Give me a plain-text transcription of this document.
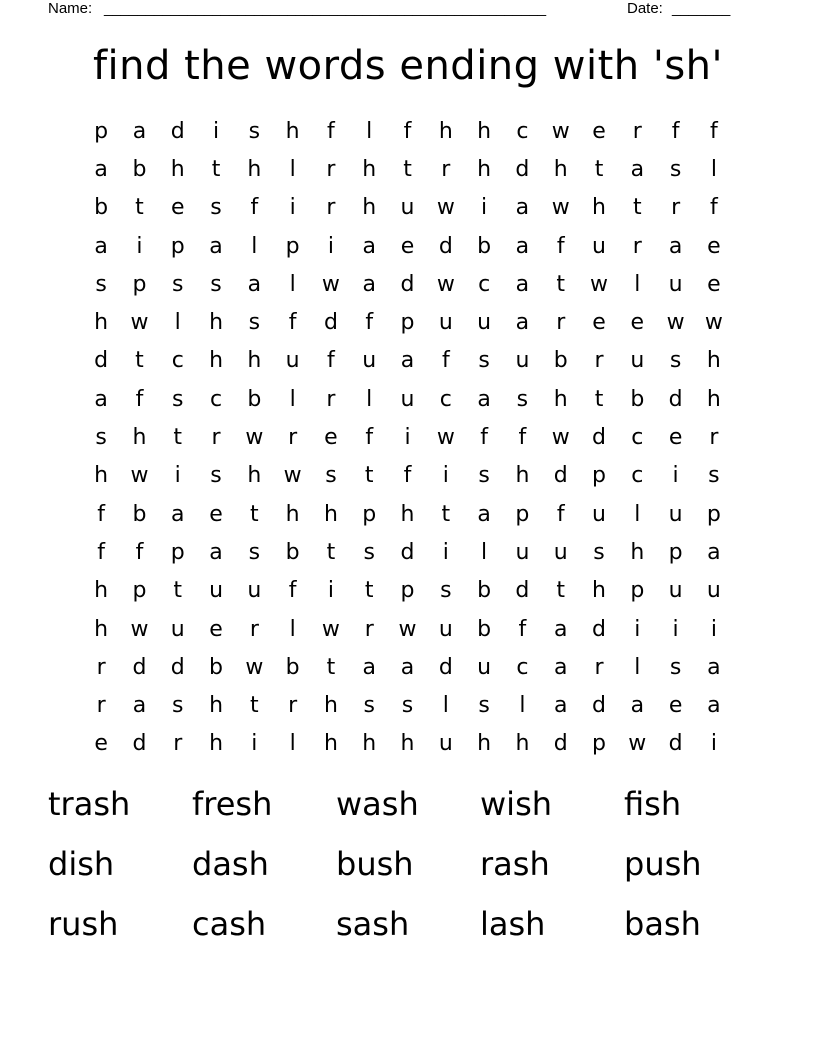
Name: _____________________________________________________	Date: _______
find the words ending with 'sh'
p	a	d	i	s	h	f	l	f	h	h	c	w	e	r	f	f
a	b	h	t	h	l	r	h	t	r	h	d	h	t	a	s	l
b	t	e	s	f	i	r	h	u	w	i	a	w	h	t	r	f
a	i	p	a	l	p	i	a	e	d	b	a	f	u	r	a	e
s	p	s	s	a	l	w	a	d	w	c	a	t	w	l	u	e
h	w	l	h	s	f	d	f	p	u	u	a	r	e	e	w w
d	t	c	h	h	u	f	u	a	f	s	u	b	r	u	s	h
a	f	s	c	b	l	r	l	u	c	a	s	h	t	b	d	h
s	h	t	r	w	r	e	f	i	w	f	f	w	d	c	e	r
h	w	i	s	h	w	s	t	f	i	s	h	d	p	c	i	s
f	b	a	e	t	h	h	p	h	t	a	p	f	u	l	u	p
f	f	p	a	s	b	t	s	d	i	l	u	u	s	h	p	a
h	p	t	u	u	f	i	t	p	s	b	d	t	h	p	u	u
h	w	u	e	r	l	w	r	w	u	b	f	a	d	i	i	i
r	d	d	b	w	b	t	a	a	d	u	c	a	r	l	s	a
r	a	s	h	t	r	h	s	s	l	s	l	a	d	a	e	a
e	d	r	h	i	l	h	h	h	u	h	h	d	p	w	d	i
trash	fresh	wash	wish	fish
dish	dash	bush	rash	push
rush	cash	sash	lash	bash
